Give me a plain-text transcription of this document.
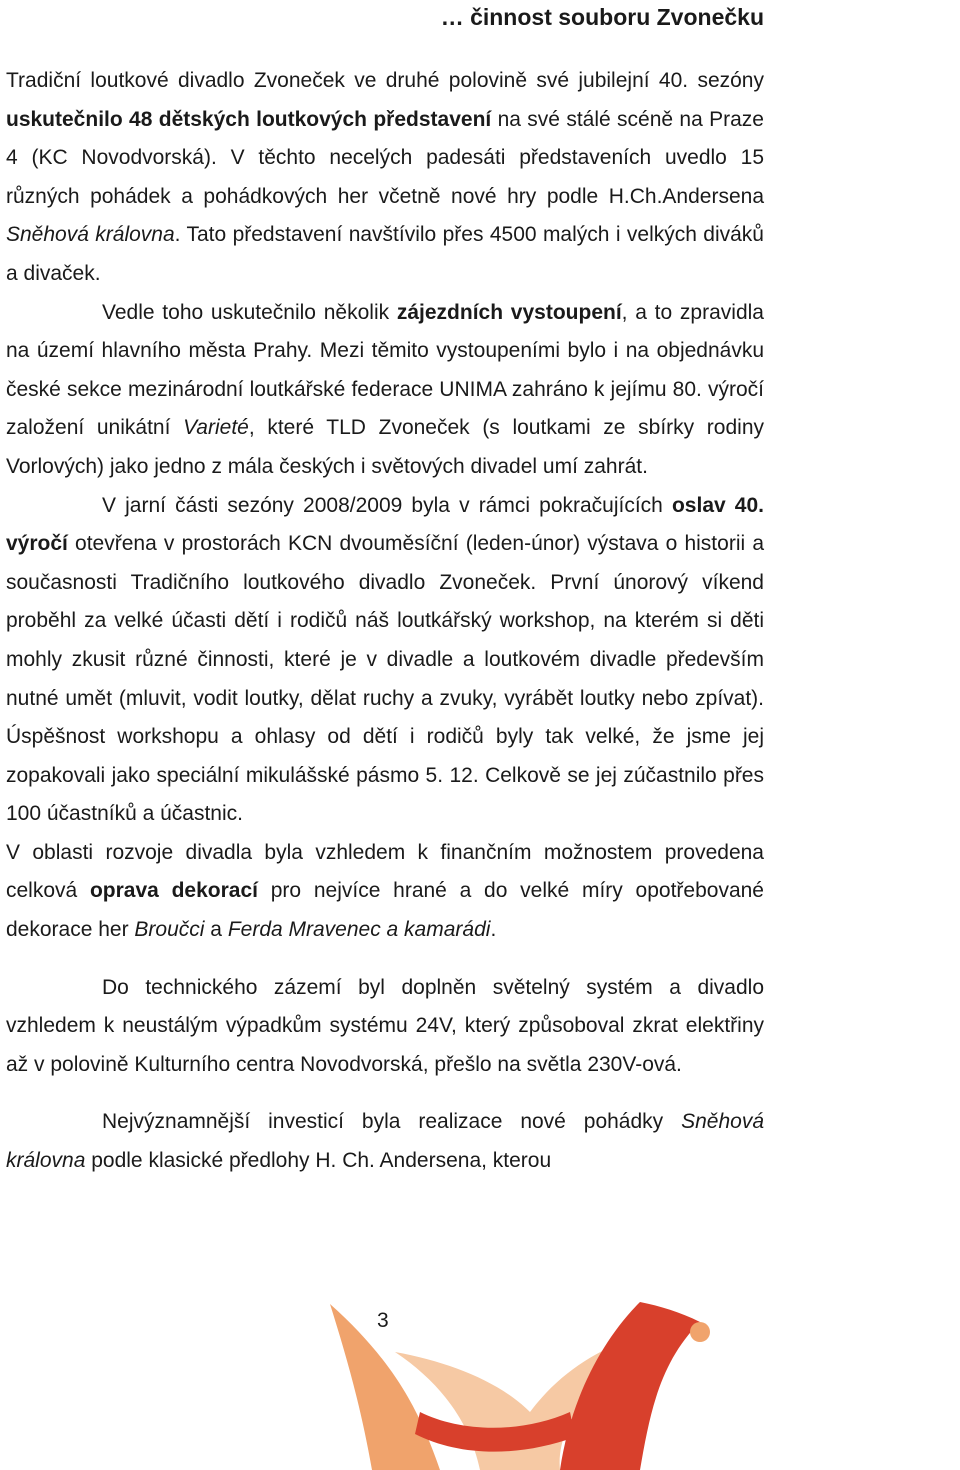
… činnost souboru Zvonečku

Tradiční loutkové divadlo Zvoneček ve druhé polovině své jubilejní 40. sezóny uskutečnilo 48 dětských loutkových představení na své stálé scéně na Praze 4 (KC Novodvorská). V těchto necelých padesáti představeních uvedlo 15 různých pohádek a pohádkových her včetně nové hry podle H.Ch.Andersena Sněhová královna. Tato představení navštívilo přes 4500 malých i velkých diváků a divaček.

Vedle toho uskutečnilo několik zájezdních vystoupení, a to zpravidla na území hlavního města Prahy. Mezi těmito vystoupeními bylo i na objednávku české sekce mezinárodní loutkářské federace UNIMA zahráno k jejímu 80. výročí založení unikátní Varieté, které TLD Zvoneček (s loutkami ze sbírky rodiny Vorlových) jako jedno z mála českých i světových divadel umí zahrát.

V jarní části sezóny 2008/2009 byla v rámci pokračujících oslav 40. výročí otevřena v prostorách KCN dvouměsíční (leden-únor) výstava o historii a současnosti Tradičního loutkového divadlo Zvoneček. První únorový víkend proběhl za velké účasti dětí i rodičů náš loutkářský workshop, na kterém si děti mohly zkusit různé činnosti, které je v divadle a loutkovém divadle především nutné umět (mluvit, vodit loutky, dělat ruchy a zvuky, vyrábět loutky nebo zpívat). Úspěšnost workshopu a ohlasy od dětí i rodičů byly tak velké, že jsme jej zopakovali jako speciální mikulášské pásmo 5. 12. Celkově se jej zúčastnilo přes 100 účastníků a účastnic.

V oblasti rozvoje divadla byla vzhledem k finančním možnostem provedena celková oprava dekorací pro nejvíce hrané a do velké míry opotřebované dekorace her Broučci a Ferda Mravenec a kamarádi.

Do technického zázemí byl doplněn světelný systém a divadlo vzhledem k neustálým výpadkům systému 24V, který způsoboval zkrat elektřiny až v polovině Kulturního centra Novodvorská, přešlo na světla 230V-ová.

Nejvýznamnější investicí byla realizace nové pohádky Sněhová královna podle klasické předlohy H. Ch. Andersena, kterou

3
